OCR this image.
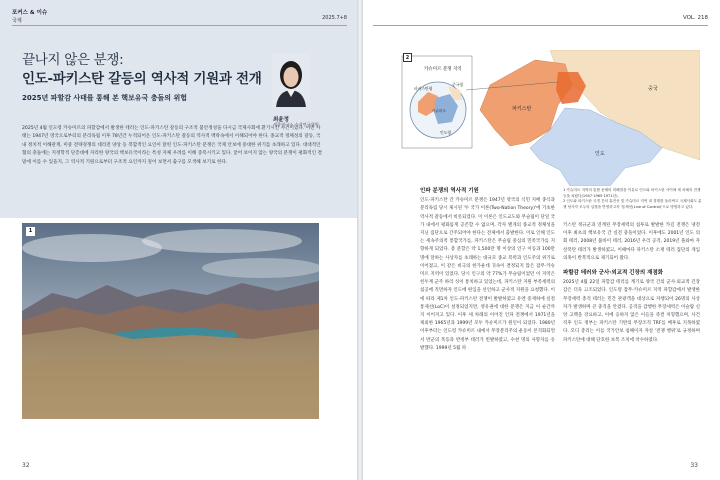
포커스 & 이슈
국제	2025.7+8
끝나지 않은 분쟁:
인도-파키스탄 갈등의 역사적 기원과 전개
2025년 파할감 사태를 통해 본 핵보유국 충돌의 위험
최윤정
세종연구소 수석연구위원
2025년 4월 인도령 카슈미르의 파할감에서 발생한 테러는 인도-파키스탄 갈등의 구조적 불안정성을 다시금 국제사회에 환기시킨 사건이었다. 이번 사태는 1947년 영국으로부터의 분리독립 이후 78년간 누적되어온 인도-파키스탄 갈등의 역사적 맥락속에서 이해되어야 한다. 종교적 정체성의 갈등, 국내 정치적 이해관계, 미중 전략경쟁의 대리전 양상 등 복합적인 요인이 얽힌 인도-파키스탄 분쟁은 국제 안보에 중대한 위기를 초래하고 있다. 대대적인 협의 충돌에는 지정학적 단층대에 자리한 양국의 핵보유국이라는 특성 자체 우려를 이해 증폭시키고 있다. 굴어 보이지 않는 양국의 분쟁이 평화적인 결말에 이를 수 있을지, 그 역사적 기원으로부터 구조적 요인까지 짚어 보면서 출구를 모색해 보기로 한다.
1
32
VOL. 218
카슈미르 분쟁 지역
파키스탄령
중국령
인도령
카슈미르	파키스탄
인도
중국
2
1 카슈미르 지역의 통합 문제의 미해결을 이유로 인도와 파키스탄 사이에 세 차례의 전쟁 등을 치렀다(1947·1965·1971년).
2 인도와 파키스탄 국경 간의 휴전선 및 카슈미르 지역 내 경계를 둘러싸고 국제사회도 분쟁 당사자 모두의 입장을 반영하고자 '통제선(Line of Control)'으로 명명하고 있다.
인파 분쟁의 역사적 기원
인도-파키스탄 간 카슈미르 분쟁은 1947년 영국의 식민 지배 종식과 분리독립 당시 제시된 '두 국가 이론(Two-Nation Theory)'에 기초한 역사적 갈등에서 비롯되었다. 이 이론은 인도교도와 무슬림이 단일 국가 내에서 평화롭게 공존할 수 없으며, 각자 별개의 종교적 정체성을 지닌 집단으로 간주되어야 한다는 전제에서 출발한다. 이로 인해 인도는 세속주의적 통합국가를, 파키스탄은 무슬림 중심의 민족국가를 지향하게 되었다. 총 분할은 약 1,500만 명 이상의 인구 이동과 100만 명에 달하는 사상자를 초래하는 대규모 종교 폭력과 인도주의 위기로 이어졌고, 이 같은 비극의 한가운데 귀속이 결정되지 않은 잠무·카슈미르 지역이 있었다. 당시 인구의 약 77%가 무슬림이었던 이 지역은 힌두계 군주 하리 싱이 통치하고 있었는데, 파키스탄 지원 부족세력의 침공에 직면하자 인도에 편입을 선언하고 군사적 지원을 요청했다. 이에 따라 제1차 인도-파키스탄 전쟁이 발발하였고 유엔 중재하에 실질통제선(LoC)이 설정되었지만, 영유권에 대한 분쟁은 지금 이 순간까지 이어지고 있다. 이후 세 차례의 이어진 인파 전쟁에서 1971년을 제외한 1965년과 1999년 모두 카슈미르가 원인이 되었다. 1980년 이후부터는 인도령 카슈미르 내에서 무장분리주의 운동이 본격화되면서 반군의 폭동과 반정부 테러가 빈발하였고, 수천 명의 사망자를 유발했다. 1999년 5월 파
키스탄 정규군과 연계된 무장세력의 침투로 발발한 카길 전쟁은 냉전 이후 최초의 핵보유국 간 실전 충돌이었다. 이후에도 2001년 인도 의회 테러, 2008년 뭄바이 테러, 2016년 우리 공격, 2019년 풀와마 자살폭탄 테러가 발생하였고, 이때마다 파키스탄 소재 테러 집단의 개입 의혹이 반복적으로 제기되어 왔다.
파할감 테러와 군사·외교적 긴장의 재점화
2025년 4월 22일 파할감 테러를 계기로 양국 간의 군사·외교적 긴장감은 더욱 고조되었다. 인도령 잠무-카슈미르 지역 파할감에서 발생한 무장세력 총격 테러는 민간 관광객을 대상으로 자행되어 26명의 사상자가 발생하며 큰 충격을 안겼다. 공격을 감행한 무장세력은 이슬람 신앙 고백을 강요하고, 이에 응하지 않은 이들을 즉결 처형했으며, 사건 직후 인도 정부는 파키스탄 기반의 무장조직 TRF를 배후로 지목하였다. 모디 총리는 이를 국가안보 침해이자 자살 '전쟁 행위'로 규정하며 파키스탄에 대해 단호한 보복 조치에 착수하였다.
33
